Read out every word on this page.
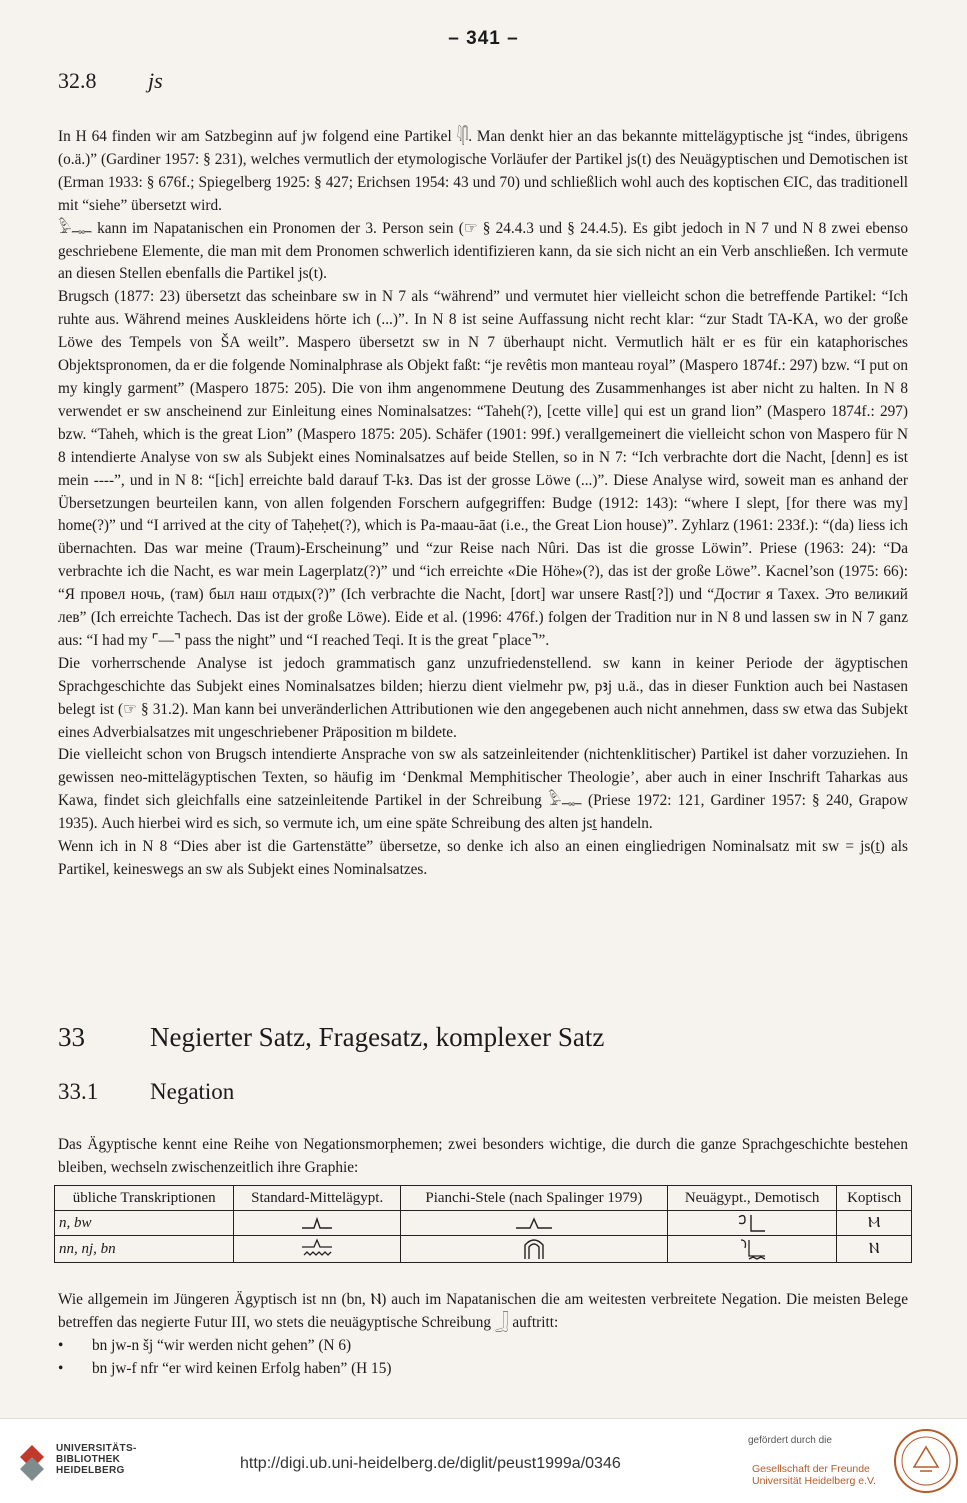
– 341 –
32.8 js

In H 64 finden wir am Satzbeginn auf jw folgend eine Partikel 𓇋𓋴. Man denkt hier an das bekannte mittelägyptische jsṯ “indes, übrigens (o.ä.)” (Gardiner 1957: § 231), welches vermutlich der etymologische Vorläufer der Partikel js(t) des Neuägyptischen und Demotischen ist (Erman 1933: § 676f.; Spiegelberg 1925: § 427; Erichsen 1954: 43 und 70) und schließlich wohl auch des koptischen ЄIC, das traditionell mit “siehe” übersetzt wird.

𓅱𓊃 kann im Napatanischen ein Pronomen der 3. Person sein (☞ § 24.4.3 und § 24.4.5). Es gibt jedoch in N 7 und N 8 zwei ebenso geschriebene Elemente, die man mit dem Pronomen schwerlich identifizieren kann, da sie sich nicht an ein Verb anschließen. Ich vermute an diesen Stellen ebenfalls die Partikel js(t).

Brugsch (1877: 23) übersetzt das scheinbare sw in N 7 als “während” und vermutet hier vielleicht schon die betreffende Partikel: “Ich ruhte aus. Während meines Auskleidens hörte ich (...)”. In N 8 ist seine Auffassung nicht recht klar: “zur Stadt TA-KA, wo der große Löwe des Tempels von ŠA weilt”. Maspero übersetzt sw in N 7 überhaupt nicht. Vermutlich hält er es für ein kataphorisches Objektspronomen, da er die folgende Nominalphrase als Objekt faßt: “je revêtis mon manteau royal” (Maspero 1874f.: 297) bzw. “I put on my kingly garment” (Maspero 1875: 205). Die von ihm angenommene Deutung des Zusammenhanges ist aber nicht zu halten. In N 8 verwendet er sw anscheinend zur Einleitung eines Nominalsatzes: “Taheh(?), [cette ville] qui est un grand lion” (Maspero 1874f.: 297) bzw. “Taheh, which is the great Lion” (Maspero 1875: 205). Schäfer (1901: 99f.) verallgemeinert die vielleicht schon von Maspero für N 8 intendierte Analyse von sw als Subjekt eines Nominalsatzes auf beide Stellen, so in N 7: “Ich verbrachte dort die Nacht, [denn] es ist mein ----”, und in N 8: “[ich] erreichte bald darauf T-kꜣ. Das ist der grosse Löwe (...)”. Diese Analyse wird, soweit man es anhand der Übersetzungen beurteilen kann, von allen folgenden Forschern aufgegriffen: Budge (1912: 143): “where I slept, [for there was my] home(?)” und “I arrived at the city of Taḥeḥet(?), which is Pa-maau-āat (i.e., the Great Lion house)”. Zyhlarz (1961: 233f.): “(da) liess ich übernachten. Das war meine (Traum)-Erscheinung” und “zur Reise nach Nûri. Das ist die grosse Löwin”. Priese (1963: 24): “Da verbrachte ich die Nacht, es war mein Lagerplatz(?)” und “ich erreichte «Die Höhe»(?), das ist der große Löwe”. Kacnel’son (1975: 66): “Я провел ночь, (там) был наш отдых(?)” (Ich verbrachte die Nacht, [dort] war unsere Rast[?]) und “Достиг я Тахех. Это великий лев” (Ich erreichte Tachech. Das ist der große Löwe). Eide et al. (1996: 476f.) folgen der Tradition nur in N 8 und lassen sw in N 7 ganz aus: “I had my ⌜—⌝ pass the night” und “I reached Teqi. It is the great ⌜place⌝”.

Die vorherrschende Analyse ist jedoch grammatisch ganz unzufriedenstellend. sw kann in keiner Periode der ägyptischen Sprachgeschichte das Subjekt eines Nominalsatzes bilden; hierzu dient vielmehr pw, pꜣj u.ä., das in dieser Funktion auch bei Nastasen belegt ist (☞ § 31.2). Man kann bei unveränderlichen Attributionen wie den angegebenen auch nicht annehmen, dass sw etwa das Subjekt eines Adverbialsatzes mit ungeschriebener Präposition m bildete.

Die vielleicht schon von Brugsch intendierte Ansprache von sw als satzeinleitender (nichtenklitischer) Partikel ist daher vorzuziehen. In gewissen neo-mittelägyptischen Texten, so häufig im ‘Denkmal Memphitischer Theologie’, aber auch in einer Inschrift Taharkas aus Kawa, findet sich gleichfalls eine satzeinleitende Partikel in der Schreibung 𓅱𓊃 (Priese 1972: 121, Gardiner 1957: § 240, Grapow 1935). Auch hierbei wird es sich, so vermute ich, um eine späte Schreibung des alten jsṯ handeln.

Wenn ich in N 8 “Dies aber ist die Gartenstätte” übersetze, so denke ich also an einen eingliedrigen Nominalsatz mit sw = js(ṯ) als Partikel, keineswegs an sw als Subjekt eines Nominalsatzes.

33 Negierter Satz, Fragesatz, komplexer Satz
33.1 Negation
Das Ägyptische kennt eine Reihe von Negationsmorphemen; zwei besonders wichtige, die durch die ganze Sprachgeschichte bestehen bleiben, wechseln zwischenzeitlich ihre Graphie:
übliche Transkriptionen	Standard-Mittelägypt.	Pianchi-Stele (nach Spalinger 1979)	Neuägypt., Demotisch	Koptisch
n, bw				Ⲙ
nn, nj, bn				Ⲛ
Wie allgemein im Jüngeren Ägyptisch ist nn (bn, Ⲛ) auch im Napatanischen die am weitesten verbreitete Negation. Die meisten Belege betreffen das negierte Futur III, wo stets die neuägyptische Schreibung 𓃀 auftritt:
•	bn jw-n šj “wir werden nicht gehen” (N 6)
•	bn jw-f nfr “er wird keinen Erfolg haben” (H 15)
UNIVERSITÄTS-
BIBLIOTHEK
HEIDELBERG	http://digi.ub.uni-heidelberg.de/diglit/peust1999a/0346
gefördert durch die
Gesellschaft der Freunde
Universität Heidelberg e.V.
